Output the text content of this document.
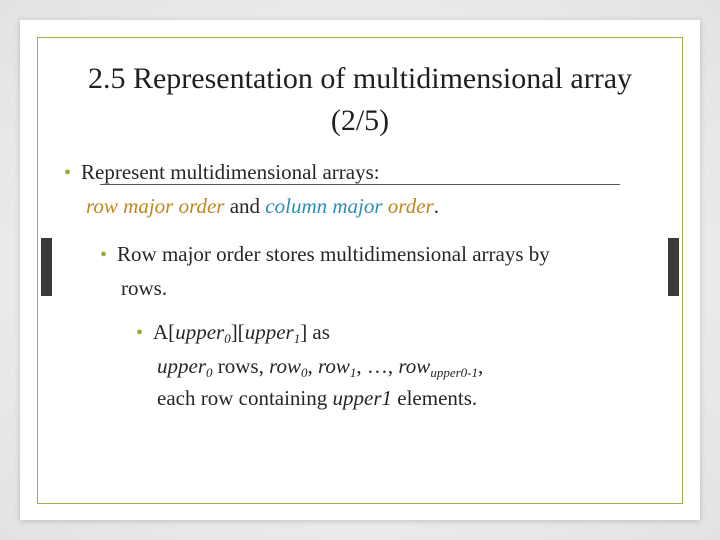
2.5 Representation of multidimensional array
(2/5)
• Represent multidimensional arrays:
row major order and column major order.
• Row major order stores multidimensional arrays by
rows.
• A[upper$_0$][upper$_1$] as
upper$_0$ rows, row$_0$, row$_1$, …, row$_{upper0-1}$,
each row containing upper1 elements.
